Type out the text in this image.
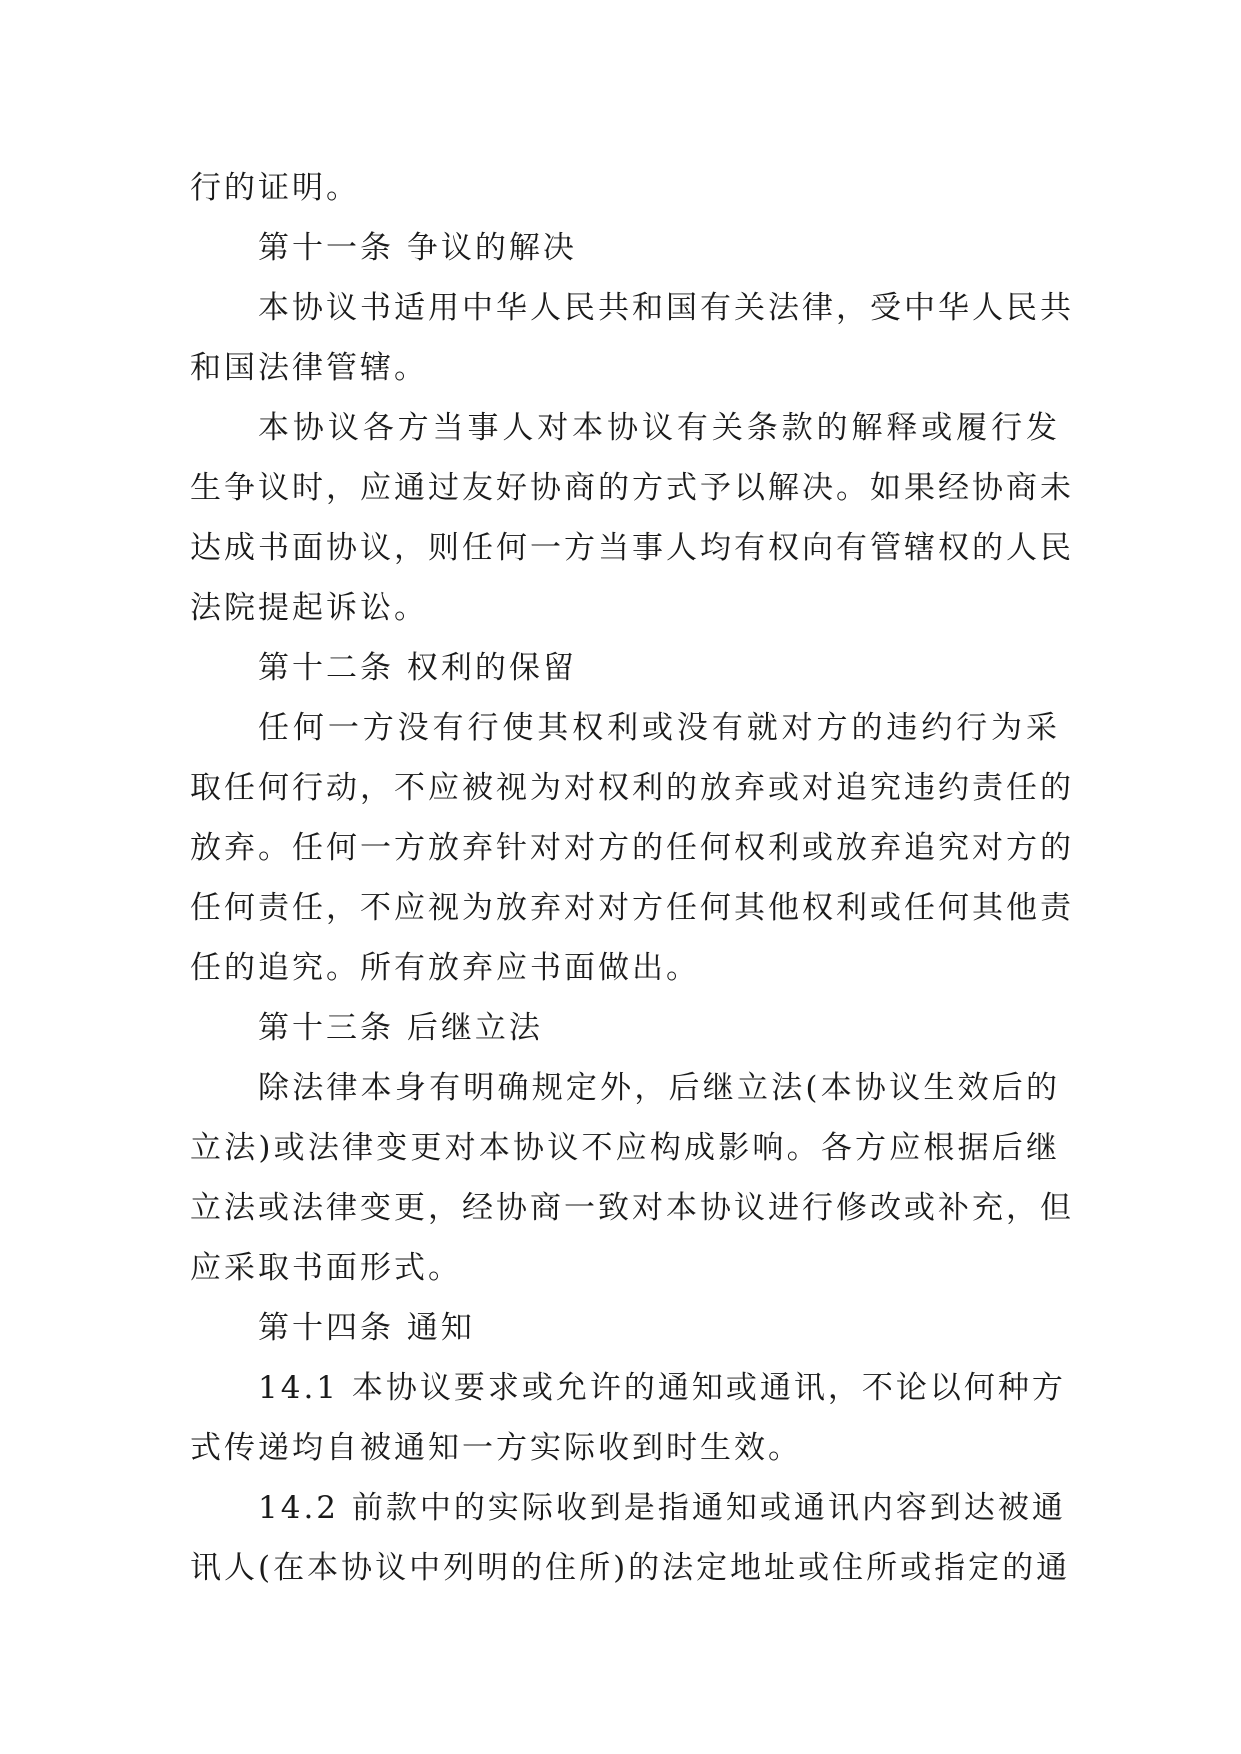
行的证明。
第十一条 争议的解决
本协议书适用中华人民共和国有关法律，受中华人民共
和国法律管辖。
本协议各方当事人对本协议有关条款的解释或履行发
生争议时，应通过友好协商的方式予以解决。如果经协商未
达成书面协议，则任何一方当事人均有权向有管辖权的人民
法院提起诉讼。
第十二条 权利的保留
任何一方没有行使其权利或没有就对方的违约行为采
取任何行动，不应被视为对权利的放弃或对追究违约责任的
放弃。任何一方放弃针对对方的任何权利或放弃追究对方的
任何责任，不应视为放弃对对方任何其他权利或任何其他责
任的追究。所有放弃应书面做出。
第十三条 后继立法
除法律本身有明确规定外，后继立法(本协议生效后的
立法)或法律变更对本协议不应构成影响。各方应根据后继
立法或法律变更，经协商一致对本协议进行修改或补充，但
应采取书面形式。
第十四条 通知
14.1 本协议要求或允许的通知或通讯，不论以何种方
式传递均自被通知一方实际收到时生效。
14.2 前款中的实际收到是指通知或通讯内容到达被通
讯人(在本协议中列明的住所)的法定地址或住所或指定的通
